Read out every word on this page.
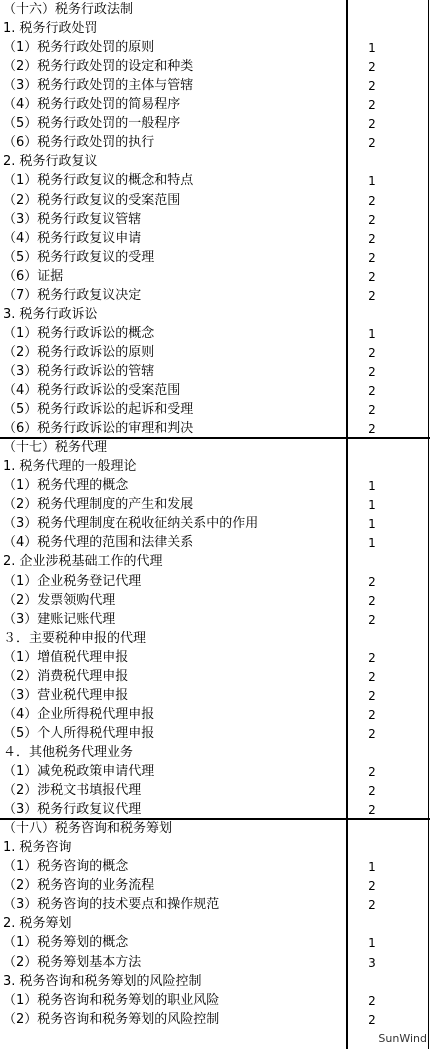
（十六）税务行政法制
1. 税务行政处罚
（1）税务行政处罚的原则	1
（2）税务行政处罚的设定和种类	2
（3）税务行政处罚的主体与管辖	2
（4）税务行政处罚的简易程序	2
（5）税务行政处罚的一般程序	2
（6）税务行政处罚的执行	2
2. 税务行政复议
（1）税务行政复议的概念和特点	1
（2）税务行政复议的受案范围	2
（3）税务行政复议管辖	2
（4）税务行政复议申请	2
（5）税务行政复议的受理	2
（6）证据	2
（7）税务行政复议决定	2
3. 税务行政诉讼
（1）税务行政诉讼的概念	1
（2）税务行政诉讼的原则	2
（3）税务行政诉讼的管辖	2
（4）税务行政诉讼的受案范围	2
（5）税务行政诉讼的起诉和受理	2
（6）税务行政诉讼的审理和判决	2
（十七）税务代理
1. 税务代理的一般理论
（1）税务代理的概念	1
（2）税务代理制度的产生和发展	1
（3）税务代理制度在税收征纳关系中的作用	1
（4）税务代理的范围和法律关系	1
2. 企业涉税基础工作的代理
（1）企业税务登记代理	2
（2）发票领购代理	2
（3）建账记账代理	2
３．主要税种申报的代理
（1）增值税代理申报	2
（2）消费税代理申报	2
（3）营业税代理申报	2
（4）企业所得税代理申报	2
（5）个人所得税代理申报	2
４．其他税务代理业务
（1）减免税政策申请代理	2
（2）涉税文书填报代理	2
（3）税务行政复议代理	2
（十八）税务咨询和税务筹划
1. 税务咨询
（1）税务咨询的概念	1
（2）税务咨询的业务流程	2
（3）税务咨询的技术要点和操作规范	2
2. 税务筹划
（1）税务筹划的概念	1
（2）税务筹划基本方法	3
3. 税务咨询和税务筹划的风险控制
（1）税务咨询和税务筹划的职业风险	2
（2）税务咨询和税务筹划的风险控制	2
SunWind
